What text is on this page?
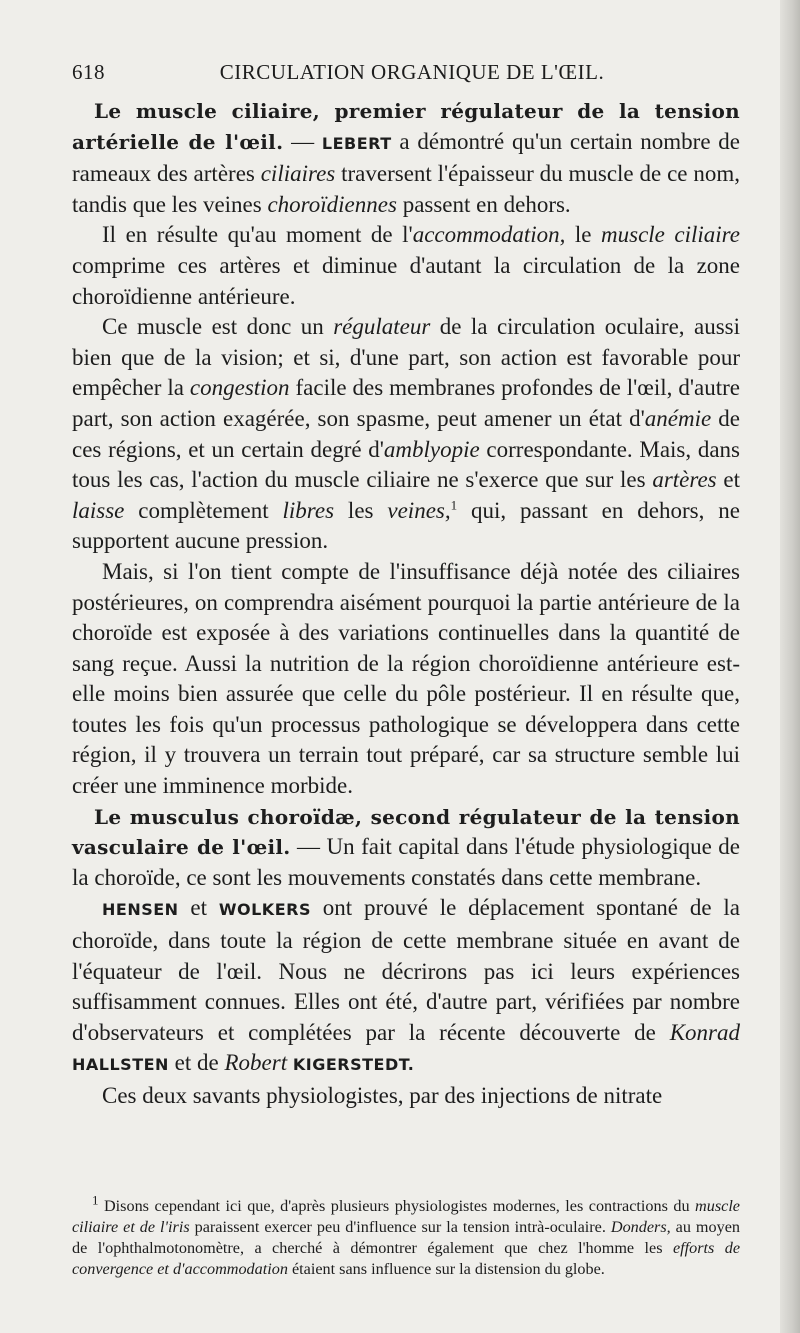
618	CIRCULATION ORGANIQUE DE L'ŒIL.

Le muscle ciliaire, premier régulateur de la tension artérielle de l'œil. — LEBERT a démontré qu'un certain nombre de rameaux des artères ciliaires traversent l'épaisseur du muscle de ce nom, tandis que les veines choroïdiennes passent en dehors.

Il en résulte qu'au moment de l'accommodation, le muscle ciliaire comprime ces artères et diminue d'autant la circulation de la zone choroïdienne antérieure.

Ce muscle est donc un régulateur de la circulation oculaire, aussi bien que de la vision; et si, d'une part, son action est favorable pour empêcher la congestion facile des membranes profondes de l'œil, d'autre part, son action exagérée, son spasme, peut amener un état d'anémie de ces régions, et un certain degré d'amblyopie correspondante. Mais, dans tous les cas, l'action du muscle ciliaire ne s'exerce que sur les artères et laisse complètement libres les veines,$^1$ qui, passant en dehors, ne supportent aucune pression.

Mais, si l'on tient compte de l'insuffisance déjà notée des ciliaires postérieures, on comprendra aisément pourquoi la partie antérieure de la choroïde est exposée à des variations continuelles dans la quantité de sang reçue. Aussi la nutrition de la région choroïdienne antérieure est-elle moins bien assurée que celle du pôle postérieur. Il en résulte que, toutes les fois qu'un processus pathologique se développera dans cette région, il y trouvera un terrain tout préparé, car sa structure semble lui créer une imminence morbide.

Le musculus choroïdæ, second régulateur de la tension vasculaire de l'œil. — Un fait capital dans l'étude physiologique de la choroïde, ce sont les mouvements constatés dans cette membrane.

HENSEN et WOLKERS ont prouvé le déplacement spontané de la choroïde, dans toute la région de cette membrane située en avant de l'équateur de l'œil. Nous ne décrirons pas ici leurs expériences suffisamment connues. Elles ont été, d'autre part, vérifiées par nombre d'observateurs et complétées par la récente découverte de Konrad HALLSTEN et de Robert KIGERSTEDT.

Ces deux savants physiologistes, par des injections de nitrate

$^1$ Disons cependant ici que, d'après plusieurs physiologistes modernes, les contractions du muscle ciliaire et de l'iris paraissent exercer peu d'influence sur la tension intrà-oculaire. Donders, au moyen de l'ophthalmotonomètre, a cherché à démontrer également que chez l'homme les efforts de convergence et d'accommodation étaient sans influence sur la distension du globe.
